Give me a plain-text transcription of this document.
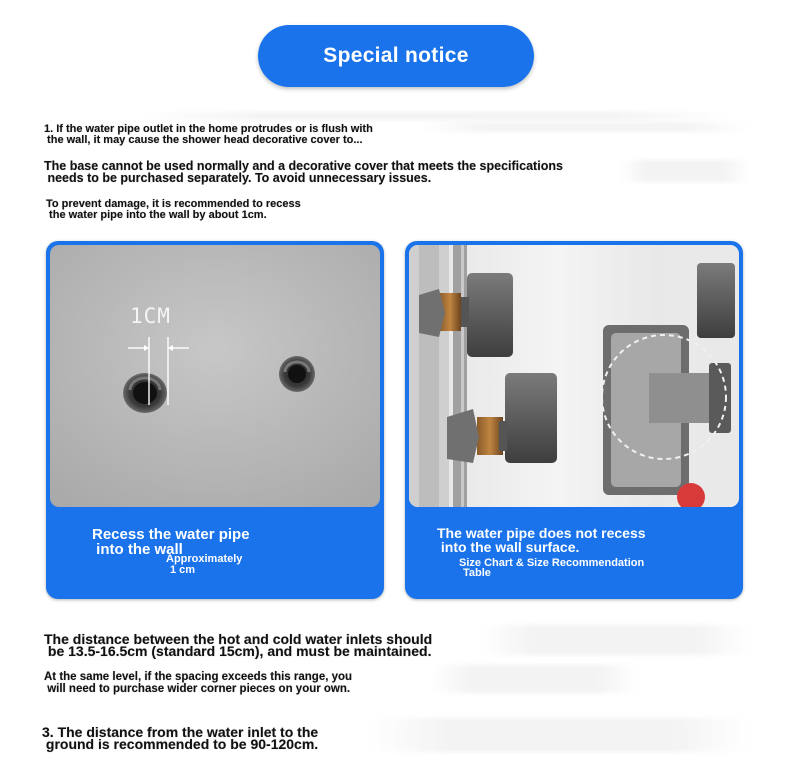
Special notice
1. If the water pipe outlet in the home protrudes or is flush with
the wall, it may cause the shower head decorative cover to...
The base cannot be used normally and a decorative cover that meets the specifications
needs to be purchased separately. To avoid unnecessary issues.
To prevent damage, it is recommended to recess
the water pipe into the wall by about 1cm.
1CM
Recess the water pipe
into the wall
Approximately
1 cm
The water pipe does not recess
into the wall surface.
Size Chart & Size Recommendation
Table
The distance between the hot and cold water inlets should
be 13.5-16.5cm (standard 15cm), and must be maintained.
At the same level, if the spacing exceeds this range, you
will need to purchase wider corner pieces on your own.
3. The distance from the water inlet to the
ground is recommended to be 90-120cm.
